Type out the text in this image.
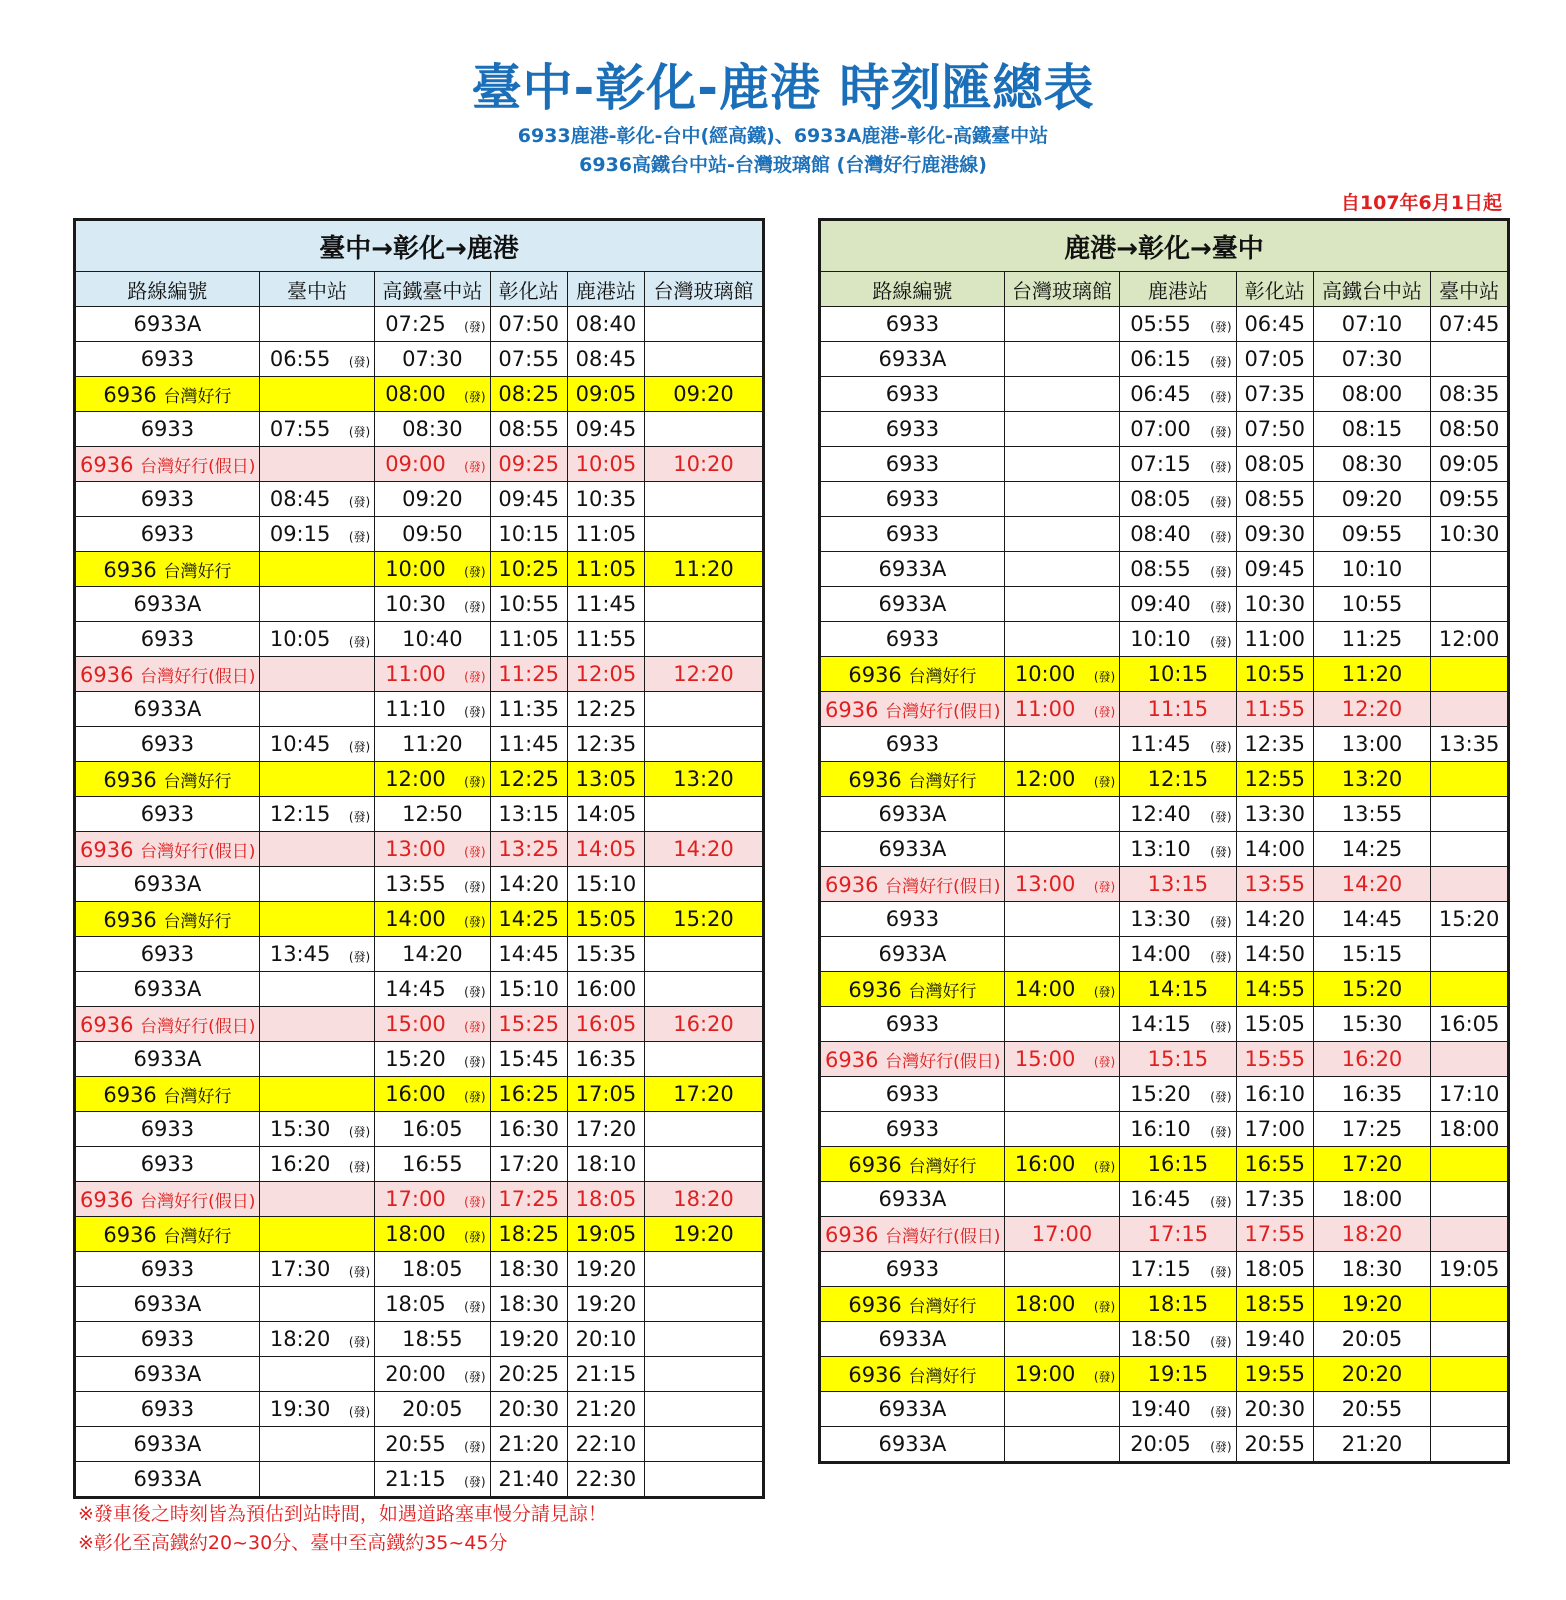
臺中-彰化-鹿港 時刻匯總表
6933鹿港-彰化-台中(經高鐵)、6933A鹿港-彰化-高鐵臺中站
6936高鐵台中站-台灣玻璃館 (台灣好行鹿港線)
自107年6月1日起
臺中→彰化→鹿港					
路線編號	臺中站	高鐵臺中站	彰化站	鹿港站	台灣玻璃館
6933A		07:25 (發)	07:50	08:40	
6933	06:55 (發)	07:30	07:55	08:45	
6936 台灣好行		08:00 (發)	08:25	09:05	09:20
6933	07:55 (發)	08:30	08:55	09:45	
6936 台灣好行(假日)		09:00 (發)	09:25	10:05	10:20
6933	08:45 (發)	09:20	09:45	10:35	
6933	09:15 (發)	09:50	10:15	11:05	
6936 台灣好行		10:00 (發)	10:25	11:05	11:20
6933A		10:30 (發)	10:55	11:45	
6933	10:05 (發)	10:40	11:05	11:55	
6936 台灣好行(假日)		11:00 (發)	11:25	12:05	12:20
6933A		11:10 (發)	11:35	12:25	
6933	10:45 (發)	11:20	11:45	12:35	
6936 台灣好行		12:00 (發)	12:25	13:05	13:20
6933	12:15 (發)	12:50	13:15	14:05	
6936 台灣好行(假日)		13:00 (發)	13:25	14:05	14:20
6933A		13:55 (發)	14:20	15:10	
6936 台灣好行		14:00 (發)	14:25	15:05	15:20
6933	13:45 (發)	14:20	14:45	15:35	
6933A		14:45 (發)	15:10	16:00	
6936 台灣好行(假日)		15:00 (發)	15:25	16:05	16:20
6933A		15:20 (發)	15:45	16:35	
6936 台灣好行		16:00 (發)	16:25	17:05	17:20
6933	15:30 (發)	16:05	16:30	17:20	
6933	16:20 (發)	16:55	17:20	18:10	
6936 台灣好行(假日)		17:00 (發)	17:25	18:05	18:20
6936 台灣好行		18:00 (發)	18:25	19:05	19:20
6933	17:30 (發)	18:05	18:30	19:20	
6933A		18:05 (發)	18:30	19:20	
6933	18:20 (發)	18:55	19:20	20:10	
6933A		20:00 (發)	20:25	21:15	
6933	19:30 (發)	20:05	20:30	21:20	
6933A		20:55 (發)	21:20	22:10	
6933A		21:15 (發)	21:40	22:30	
鹿港→彰化→臺中					
路線編號	台灣玻璃館	鹿港站	彰化站	高鐵台中站	臺中站
6933		05:55 (發)	06:45	07:10	07:45
6933A		06:15 (發)	07:05	07:30	
6933		06:45 (發)	07:35	08:00	08:35
6933		07:00 (發)	07:50	08:15	08:50
6933		07:15 (發)	08:05	08:30	09:05
6933		08:05 (發)	08:55	09:20	09:55
6933		08:40 (發)	09:30	09:55	10:30
6933A		08:55 (發)	09:45	10:10	
6933A		09:40 (發)	10:30	10:55	
6933		10:10 (發)	11:00	11:25	12:00
6936 台灣好行	10:00 (發)	10:15	10:55	11:20	
6936 台灣好行(假日)	11:00 (發)	11:15	11:55	12:20	
6933		11:45 (發)	12:35	13:00	13:35
6936 台灣好行	12:00 (發)	12:15	12:55	13:20	
6933A		12:40 (發)	13:30	13:55	
6933A		13:10 (發)	14:00	14:25	
6936 台灣好行(假日)	13:00 (發)	13:15	13:55	14:20	
6933		13:30 (發)	14:20	14:45	15:20
6933A		14:00 (發)	14:50	15:15	
6936 台灣好行	14:00 (發)	14:15	14:55	15:20	
6933		14:15 (發)	15:05	15:30	16:05
6936 台灣好行(假日)	15:00 (發)	15:15	15:55	16:20	
6933		15:20 (發)	16:10	16:35	17:10
6933		16:10 (發)	17:00	17:25	18:00
6936 台灣好行	16:00 (發)	16:15	16:55	17:20	
6933A		16:45 (發)	17:35	18:00	
6936 台灣好行(假日)	17:00	17:15	17:55	18:20	
6933		17:15 (發)	18:05	18:30	19:05
6936 台灣好行	18:00 (發)	18:15	18:55	19:20	
6933A		18:50 (發)	19:40	20:05	
6936 台灣好行	19:00 (發)	19:15	19:55	20:20	
6933A		19:40 (發)	20:30	20:55	
6933A		20:05 (發)	20:55	21:20	
※發車後之時刻皆為預估到站時間，如遇道路塞車慢分請見諒！
※彰化至高鐵約20~30分、臺中至高鐵約35~45分
